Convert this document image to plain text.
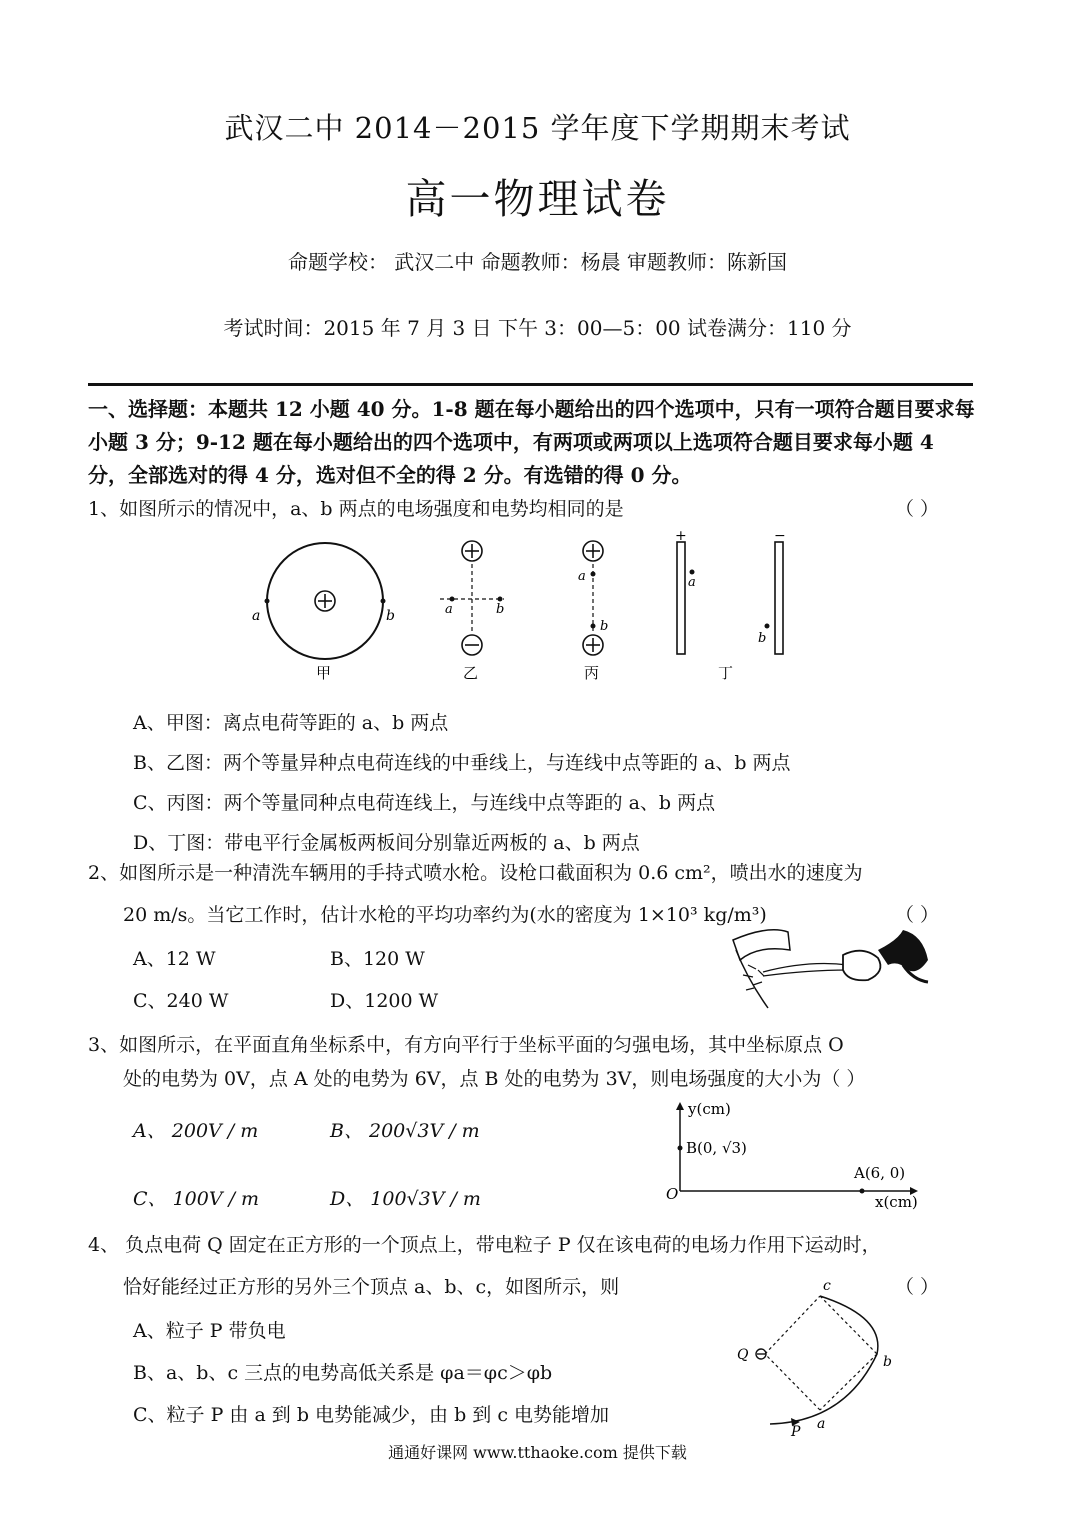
武汉二中 2014－2015 学年度下学期期末考试
高一物理试卷
命题学校： 武汉二中 命题教师：杨晨 审题教师：陈新国
考试时间：2015 年 7 月 3 日 下午 3：00—5：00 试卷满分：110 分
一、选择题：本题共 12 小题 40 分。1-8 题在每小题给出的四个选项中，只有一项符合题目要求每小题 3 分；9-12 题在每小题给出的四个选项中，有两项或两项以上选项符合题目要求每小题 4 分，全部选对的得 4 分，选对但不全的得 2 分。有选错的得 0 分。
1、如图所示的情况中，a、b 两点的电场强度和电势均相同的是	（ ）
a	b
甲
a	b
乙
a
b
丙
+	−
a
b
丁
A、甲图：离点电荷等距的 a、b 两点
B、乙图：两个等量异种点电荷连线的中垂线上，与连线中点等距的 a、b 两点
C、丙图：两个等量同种点电荷连线上，与连线中点等距的 a、b 两点
D、丁图：带电平行金属板两板间分别靠近两板的 a、b 两点
2、如图所示是一种清洗车辆用的手持式喷水枪。设枪口截面积为 0.6 cm²，喷出水的速度为
20 m/s。当它工作时，估计水枪的平均功率约为(水的密度为 1×10³ kg/m³)	（ ）
A、12 W	B、120 W
C、240 W	D、1200 W
3、如图所示，在平面直角坐标系中，有方向平行于坐标平面的匀强电场，其中坐标原点 O
处的电势为 0V，点 A 处的电势为 6V，点 B 处的电势为 3V，则电场强度的大小为（ ）
A、 200V / m	B、 200√3V / m
C、 100V / m	D、 100√3V / m
y(cm)
x(cm)
O
B(0, √3)
A(6, 0)
4、 负点电荷 Q 固定在正方形的一个顶点上，带电粒子 P 仅在该电荷的电场力作用下运动时，
恰好能经过正方形的另外三个顶点 a、b、c，如图所示，则	（ ）
A、粒子 P 带负电
B、a、b、c 三点的电势高低关系是 φa＝φc＞φb
C、粒子 P 由 a 到 b 电势能减少，由 b 到 c 电势能增加
Q
c
b
a
P
通通好课网 www.tthaoke.com 提供下载
